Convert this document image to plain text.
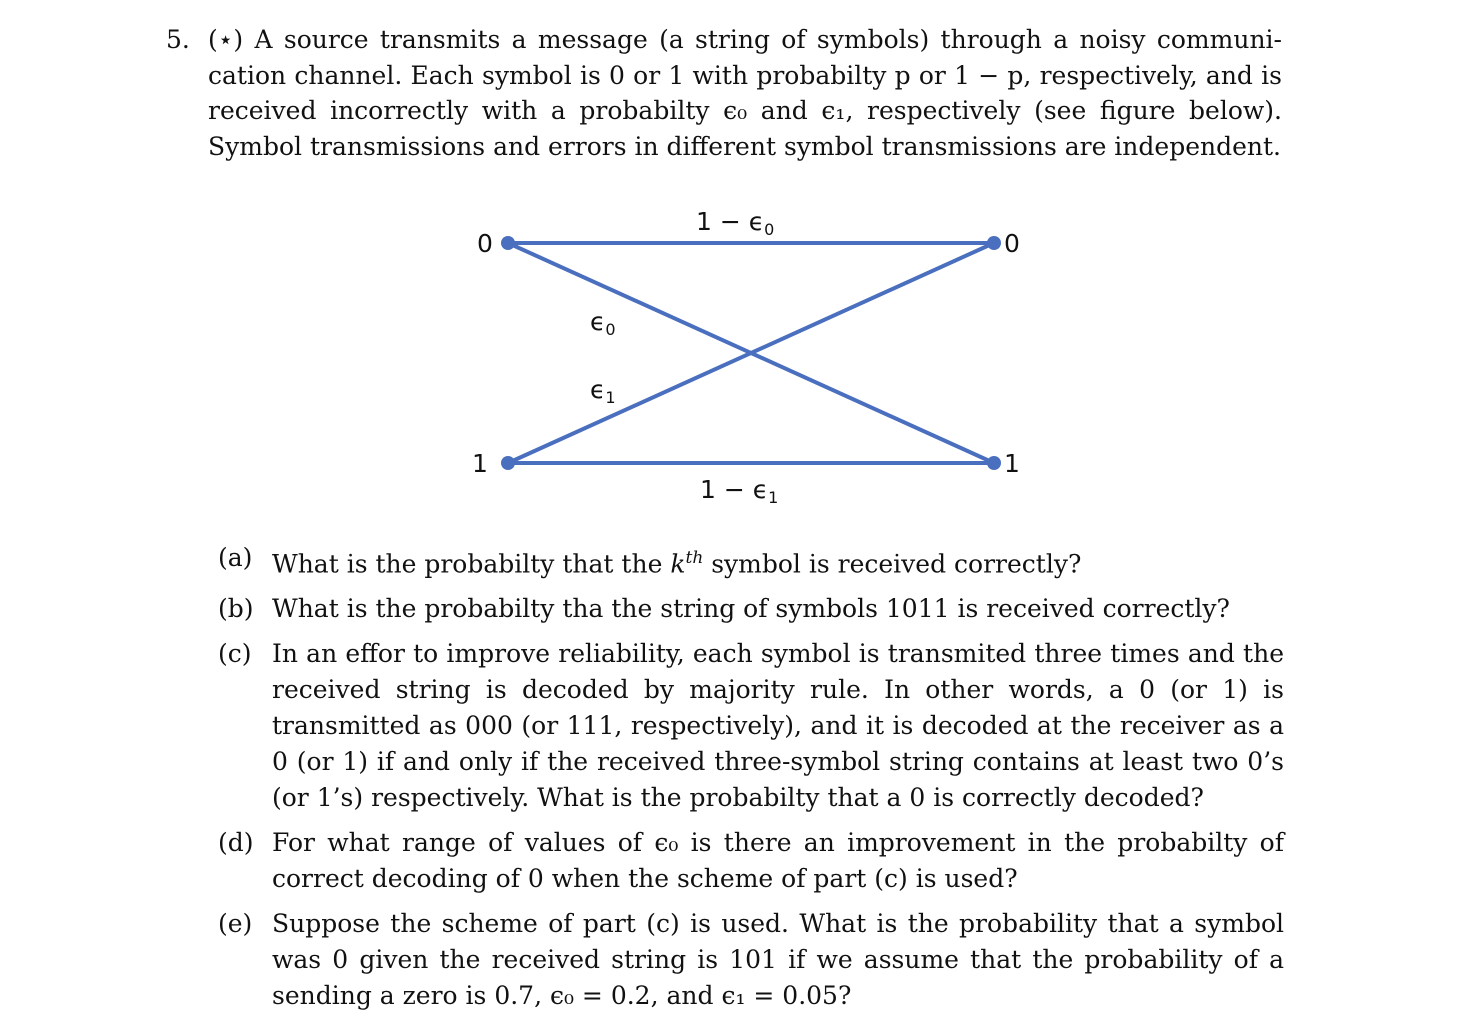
5. (⋆) A source transmits a message (a string of symbols) through a noisy communication channel. Each symbol is 0 or 1 with probabilty p or 1 − p, respectively, and is received incorrectly with a probabilty ϵ₀ and ϵ₁, respectively (see figure below). Symbol transmissions and errors in different symbol transmissions are independent.

0
1
0
1
$1 - \epsilon_0$
$1 - \epsilon_1$
$\epsilon_0$
$\epsilon_1$
(a) What is the probabilty that the $k^{th}$ symbol is received correctly?
(b) What is the probabilty tha the string of symbols 1011 is received correctly?
(c) In an effor to improve reliability, each symbol is transmited three times and the received string is decoded by majority rule. In other words, a 0 (or 1) is transmitted as 000 (or 111, respectively), and it is decoded at the receiver as a 0 (or 1) if and only if the received three-symbol string contains at least two 0’s (or 1’s) respectively. What is the probabilty that a 0 is correctly decoded?
(d) For what range of values of ϵ₀ is there an improvement in the probabilty of correct decoding of 0 when the scheme of part (c) is used?
(e) Suppose the scheme of part (c) is used. What is the probability that a symbol was 0 given the received string is 101 if we assume that the probability of a sending a zero is 0.7, ϵ₀ = 0.2, and ϵ₁ = 0.05?
